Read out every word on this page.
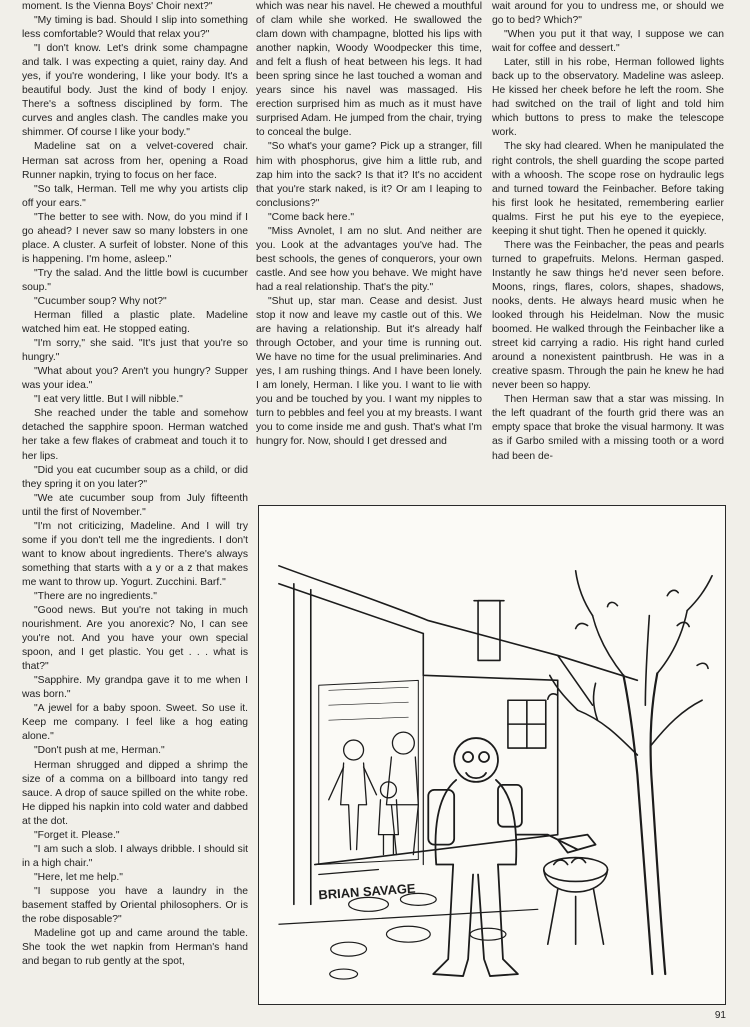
moment. Is the Vienna Boys' Choir next?"

"My timing is bad. Should I slip into something less comfortable? Would that relax you?"

"I don't know. Let's drink some champagne and talk. I was expecting a quiet, rainy day. And yes, if you're wondering, I like your body. It's a beautiful body. Just the kind of body I enjoy. There's a softness disciplined by form. The curves and angles clash. The candles make you shimmer. Of course I like your body."

Madeline sat on a velvet-covered chair. Herman sat across from her, opening a Road Runner napkin, trying to focus on her face.

"So talk, Herman. Tell me why you artists clip off your ears."

"The better to see with. Now, do you mind if I go ahead? I never saw so many lobsters in one place. A cluster. A surfeit of lobster. None of this is happening. I'm home, asleep."

"Try the salad. And the little bowl is cucumber soup."

"Cucumber soup? Why not?"

Herman filled a plastic plate. Madeline watched him eat. He stopped eating.

"I'm sorry," she said. "It's just that you're so hungry."

"What about you? Aren't you hungry? Supper was your idea."

"I eat very little. But I will nibble."

She reached under the table and somehow detached the sapphire spoon. Herman watched her take a few flakes of crabmeat and touch it to her lips.

"Did you eat cucumber soup as a child, or did they spring it on you later?"

"We ate cucumber soup from July fifteenth until the first of November."

"I'm not criticizing, Madeline. And I will try some if you don't tell me the ingredients. I don't want to know about ingredients. There's always something that starts with a y or a z that makes me want to throw up. Yogurt. Zucchini. Barf."

"There are no ingredients."

"Good news. But you're not taking in much nourishment. Are you anorexic? No, I can see you're not. And you have your own special spoon, and I get plastic. You get . . . what is that?"

"Sapphire. My grandpa gave it to me when I was born."

"A jewel for a baby spoon. Sweet. So use it. Keep me company. I feel like a hog eating alone."

"Don't push at me, Herman."

Herman shrugged and dipped a shrimp the size of a comma on a billboard into tangy red sauce. A drop of sauce spilled on the white robe. He dipped his napkin into cold water and dabbed at the dot.

"Forget it. Please."

"I am such a slob. I always dribble. I should sit in a high chair."

"Here, let me help."

"I suppose you have a laundry in the basement staffed by Oriental philosophers. Or is the robe disposable?"

Madeline got up and came around the table. She took the wet napkin from Herman's hand and began to rub gently at the spot,

which was near his navel. He chewed a mouthful of clam while she worked. He swallowed the clam down with champagne, blotted his lips with another napkin, Woody Woodpecker this time, and felt a flush of heat between his legs. It had been spring since he last touched a woman and years since his navel was massaged. His erection surprised him as much as it must have surprised Adam. He jumped from the chair, trying to conceal the bulge.

"So what's your game? Pick up a stranger, fill him with phosphorus, give him a little rub, and zap him into the sack? Is that it? It's no accident that you're stark naked, is it? Or am I leaping to conclusions?"

"Come back here."

"Miss Avnolet, I am no slut. And neither are you. Look at the advantages you've had. The best schools, the genes of conquerors, your own castle. And see how you behave. We might have had a real relationship. That's the pity."

"Shut up, star man. Cease and desist. Just stop it now and leave my castle out of this. We are having a relationship. But it's already half through October, and your time is running out. We have no time for the usual preliminaries. And yes, I am rushing things. And I have been lonely. I am lonely, Herman. I like you. I want to lie with you and be touched by you. I want my nipples to turn to pebbles and feel you at my breasts. I want you to come inside me and gush. That's what I'm hungry for. Now, should I get dressed and

wait around for you to undress me, or should we go to bed? Which?"

"When you put it that way, I suppose we can wait for coffee and dessert."

Later, still in his robe, Herman followed lights back up to the observatory. Madeline was asleep. He kissed her cheek before he left the room. She had switched on the trail of light and told him which buttons to press to make the telescope work.

The sky had cleared. When he manipulated the right controls, the shell guarding the scope parted with a whoosh. The scope rose on hydraulic legs and turned toward the Feinbacher. Before taking his first look he hesitated, remembering earlier qualms. First he put his eye to the eyepiece, keeping it shut tight. Then he opened it quickly.

There was the Feinbacher, the peas and pearls turned to grapefruits. Melons. Herman gasped. Instantly he saw things he'd never seen before. Moons, rings, flares, colors, shapes, shadows, nooks, dents. He always heard music when he looked through his Heidelman. Now the music boomed. He walked through the Feinbacher like a street kid carrying a radio. His right hand curled around a nonexistent paintbrush. He was in a creative spasm. Through the pain he knew he had never been so happy.

Then Herman saw that a star was missing. In the left quadrant of the fourth grid there was an empty space that broke the visual harmony. It was as if Garbo smiled with a missing tooth or a word had been de-

BRIAN SAVAGE
91
